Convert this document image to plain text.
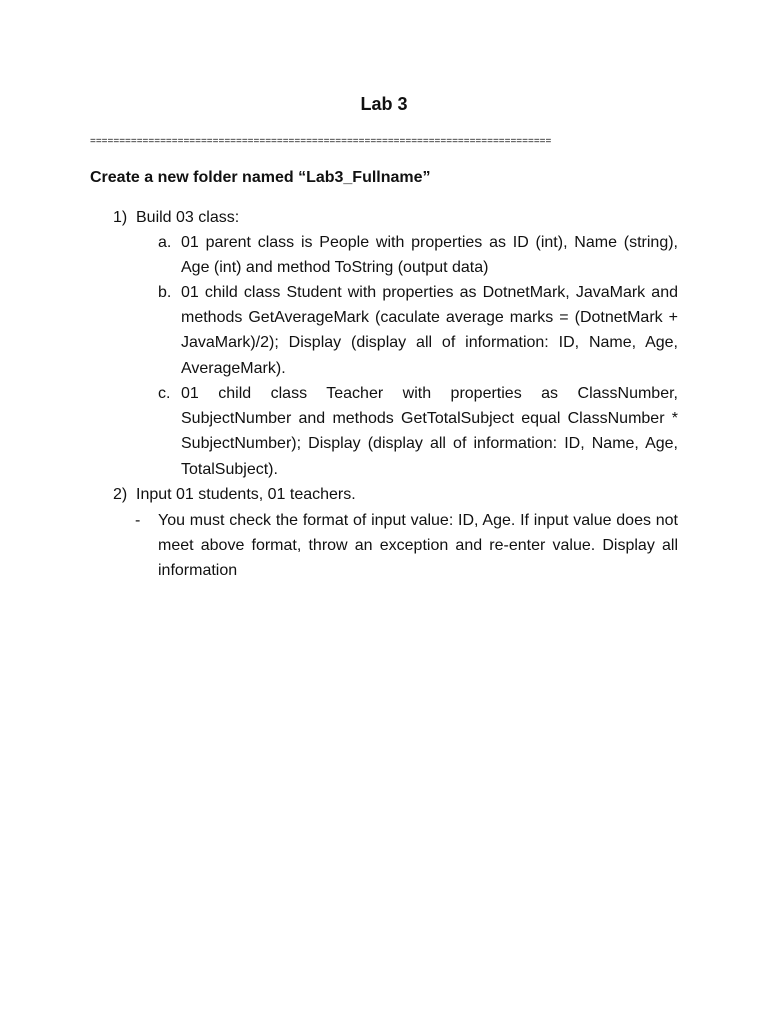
Lab 3
===============================================================================
Create a new folder named “Lab3_Fullname”
1) Build 03 class:
a. 01 parent class is People with properties as ID (int), Name (string), Age (int) and method ToString (output data)
b. 01 child class Student with properties as DotnetMark, JavaMark and methods GetAverageMark (caculate average marks = (DotnetMark + JavaMark)/2); Display (display all of information: ID, Name, Age, AverageMark).
c. 01 child class Teacher with properties as ClassNumber, SubjectNumber and methods GetTotalSubject equal ClassNumber * SubjectNumber); Display (display all of information: ID, Name, Age, TotalSubject).
2) Input 01 students, 01 teachers.
- You must check the format of input value: ID, Age. If input value does not meet above format, throw an exception and re-enter value. Display all information
